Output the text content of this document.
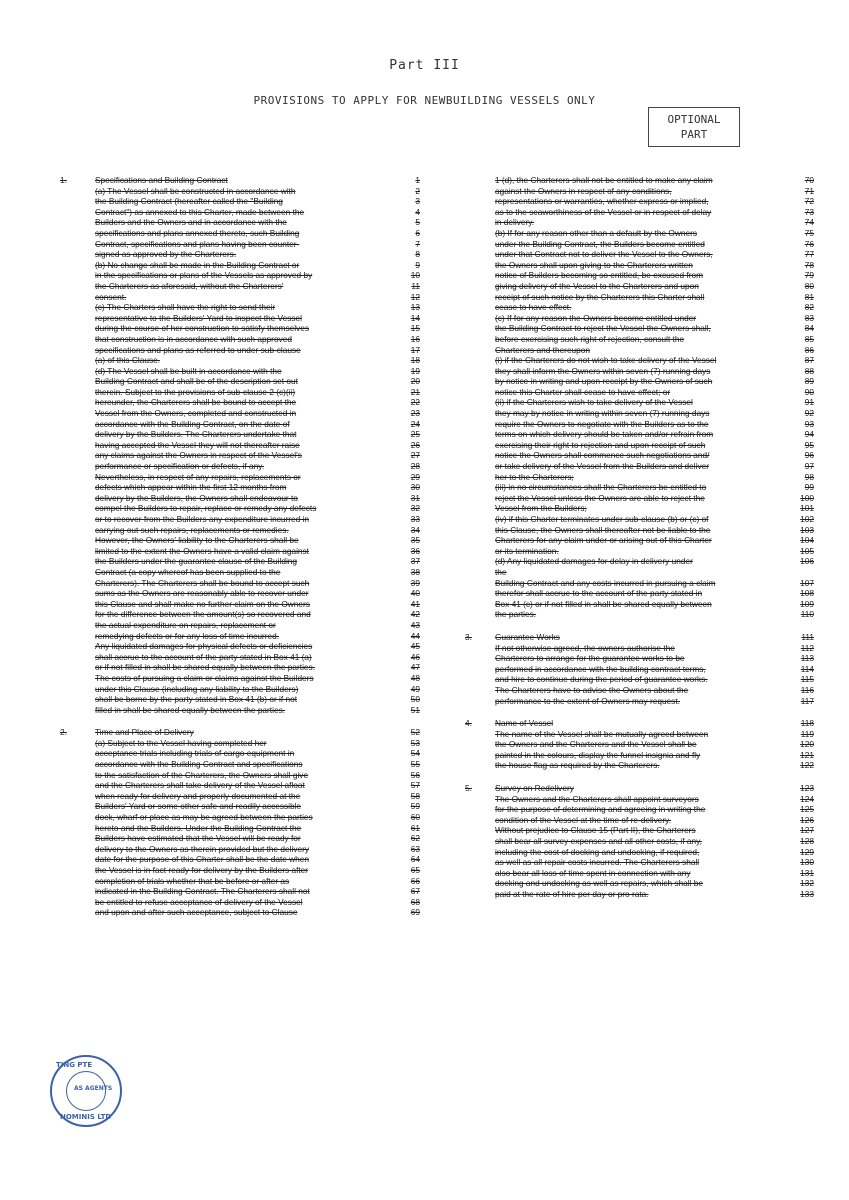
Part III
PROVISIONS TO APPLY FOR NEWBUILDING VESSELS ONLY
OPTIONAL
PART
1.	Specifications and Building Contract	1
(a) The Vessel shall be constructed in accordance with	2
the Building Contract (hereafter called the "Building	3
Contract") as annexed to this Charter, made between the	4
Builders and the Owners and in accordance with the	5
specifications and plans annexed thereto, such Building	6
Contract, specifications and plans having been counter-	7
signed as approved by the Charterers.	8
(b) No change shall be made in the Building Contract or	9
in the specifications or plans of the Vessels as approved by	10
the Charterers as aforesaid, without the Charterers'	11
consent.	12
(c) The Charters shall have the right to send their	13
representative to the Builders' Yard to inspect the Vessel	14
during the course of her construction to satisfy themselves	15
that construction is in accordance with such approved	16
specifications and plans as referred to under sub-clause	17
(a) of this Clause.	18
(d) The Vessel shall be built in accordance with the	19
Building Contract and shall be of the description set out	20
therein. Subject to the provisions of sub-clause 2 (c)(ii)	21
hereunder, the Charterers shall be bound to accept the	22
Vessel from the Owners, completed and constructed in	23
accordance with the Building Contract, on the date of	24
delivery by the Builders. The Charterers undertake that	25
having accepted the Vessel they will not thereafter raise	26
any claims against the Owners in respect of the Vessel's	27
performance or specification or defects, if any.	28
Nevertheless, in respect of any repairs, replacements or	29
defects which appear within the first 12 months from	30
delivery by the Builders, the Owners shall endeavour to	31
compel the Builders to repair, replace or remedy any defects	32
or to recover from the Builders any expenditure incurred in	33
carrying out such repairs, replacements or remedies.	34
However, the Owners' liability to the Charterers shall be	35
limited to the extent the Owners have a valid claim against	36
the Builders under the guarantee clause of the Building	37
Contract (a copy whereof has been supplied to the	38
Charterers). The Charterers shall be bound to accept such	39
sums as the Owners are reasonably able to recover under	40
this Clause and shall make no further claim on the Owners	41
for the difference between the amount(s) so recovered and	42
the actual expenditure on repairs, replacement or	43
remedying defects or for any loss of time incurred.	44
Any liquidated damages for physical defects or deficiencies	45
shall accrue to the account of the party stated in Box 41 (a)	46
or if not filled in shall be shared equally between the parties.	47
The costs of pursuing a claim or claims against the Builders	48
under this Clause (including any liability to the Builders)	49
shall be borne by the party stated in Box 41 (b) or if not	50
filled in shall be shared equally between the parties.	51
2.	Time and Place of Delivery	52
(a) Subject to the Vessel having completed her	53
acceptance trials including trials of cargo equipment in	54
accordance with the Building Contract and specifications	55
to the satisfaction of the Charterers, the Owners shall give	56
and the Charterers shall take delivery of the Vessel afloat	57
when ready for delivery and properly documented at the	58
Builders' Yard or some other safe and readily accessible	59
dock, wharf or place as may be agreed between the parties	60
hereto and the Builders. Under the Building Contract the	61
Builders have estimated that the Vessel will be ready for	62
delivery to the Owners as therein provided but the delivery	63
date for the purpose of this Charter shall be the date when	64
the Vessel is in fact ready for delivery by the Builders after	65
completion of trials whether that be before or after as	66
indicated in the Building Contract. The Charterers shall not	67
be entitled to refuse acceptance of delivery of the Vessel	68
and upon and after such acceptance, subject to Clause	69
1 (d), the Charterers shall not be entitled to make any claim	70
against the Owners in respect of any conditions,	71
representations or warranties, whether express or implied,	72
as to the seaworthiness of the Vessel or in respect of delay	73
in delivery.	74
(b) If for any reason other than a default by the Owners	75
under the Building Contract, the Builders become entitled	76
under that Contract not to deliver the Vessel to the Owners,	77
the Owners shall upon giving to the Charterers written	78
notice of Builders becoming so entitled, be excused from	79
giving delivery of the Vessel to the Charterers and upon	80
receipt of such notice by the Charterers this Charter shall	81
cease to have effect.	82
(c) If for any reason the Owners become entitled under	83
the Building Contract to reject the Vessel the Owners shall,	84
before exercising such right of rejection, consult the	85
Charterers and thereupon	86
(i) if the Charterers do not wish to take delivery of the Vessel	87
they shall inform the Owners within seven (7) running days	88
by notice in writing and upon receipt by the Owners of such	89
notice this Charter shall cease to have effect; or	90
(ii) if the Charterers wish to take delivery of the Vessel	91
they may by notice in writing within seven (7) running days	92
require the Owners to negotiate with the Builders as to the	93
terms on which delivery should be taken and/or refrain from	94
exercising their right to rejection and upon receipt of such	95
notice the Owners shall commence such negotiations and/	96
or take delivery of the Vessel from the Builders and deliver	97
her to the Charterers;	98
(iii) in no circumstances shall the Charterers be entitled to	99
reject the Vessel unless the Owners are able to reject the	100
Vessel from the Builders;	101
(iv) if this Charter terminates under sub-clause (b) or (c) of	102
this Clause, the Owners shall thereafter not be liable to the	103
Charterers for any claim under or arising out of this Charter	104
or its termination.	105
(d) Any liquidated damages for delay in delivery under	106
the
Building Contract and any costs incurred in pursuing a claim	107
therefor shall accrue to the account of the party stated in	108
Box 41 (c) or if not filled in shall be shared equally between	109
the parties.	110
3.	Guarantee Works	111
If not otherwise agreed, the owners authorise the	112
Charterers to arrange for the guarantee works to be	113
performed in accordance with the building contract terms,	114
and hire to continue during the period of guarantee works.	115
The Charterers have to advise the Owners about the	116
performance to the extent of Owners may request.	117
4.	Name of Vessel	118
The name of the Vessel shall be mutually agreed between	119
the Owners and the Charterers and the Vessel shall be	120
painted in the colours, display the funnel insignia and fly	121
the house flag as required by the Charterers.	122
5.	Survey on Redelivery	123
The Owners and the Charterers shall appoint surveyors	124
for the purpose of determining and agreeing in writing the	125
condition of the Vessel at the time of re-delivery.	126
Without prejudice to Clause 15 (Part II), the Charterers	127
shall bear all survey expenses and all other costs, if any,	128
including the cost of docking and undocking, if required,	129
as well as all repair costs incurred. The Charterers shall	130
also bear all loss of time spent in connection with any	131
docking and undocking as well as repairs, which shall be	132
paid at the rate of hire per day or pro rata.	133
TING PTE
AS AGENTS
NOMINIS LTD
